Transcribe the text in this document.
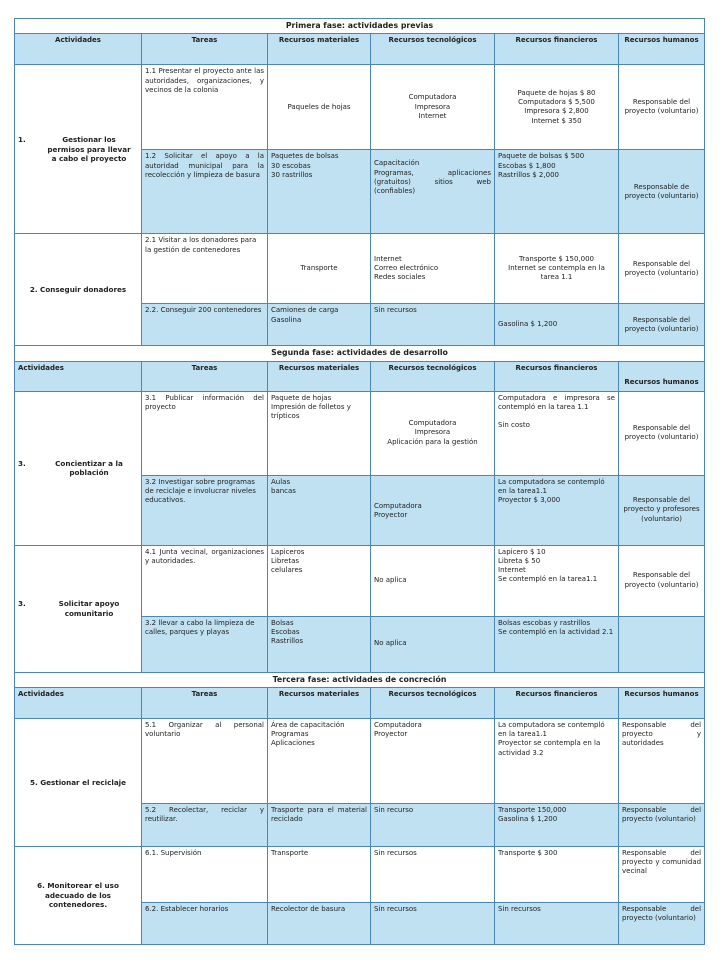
Primera fase: actividades previas					
Actividades	Tareas	Recursos materiales	Recursos tecnológicos	Recursos financieros	Recursos humanos
1. Gestionar los permisos para llevar a cabo el proyecto	1.1 Presentar el proyecto ante las autoridades, organizaciones, y vecinos de la colonia	Paqueles de hojas	Computadora
Impresora
Internet	Paquete de hojas $ 80
Computadora $ 5,500
Impresora $ 2,800
Internet $ 350	Responsable del proyecto (voluntario)
	1.2 Solicitar el apoyo a la autoridad municipal para la recolección y limpieza de basura	Paquetes de bolsas
30 escobas
30 rastrillos	Capacitación
Programas, aplicaciones (gratuitos) sitios web (confiables)	Paquete de bolsas $ 500
Escobas $ 1,800
Rastrillos $ 2,000	Responsable de proyecto (voluntario)

2. Conseguir donadores	2.1 Visitar a los donadores para la gestión de contenedores	Transporte	Internet
Correo electrónico
Redes sociales	Transporte $ 150,000
Internet se contempla en la tarea 1.1	Responsable del proyecto (voluntario)
	2.2. Conseguir 200 contenedores	Camiones de carga
Gasolina	Sin recursos	Gasolina $ 1,200	Responsable del proyecto (voluntario)
Segunda fase: actividades de desarrollo					
Actividades	Tareas	Recursos materiales	Recursos tecnológicos	Recursos financieros	Recursos humanos
3. Concientizar a la población	3.1 Publicar información del proyecto	Paquete de hojas
Impresión de folletos y trípticos	Computadora
Impresora
Aplicación para la gestión	Computadora e impresora se contempló en la tarea 1.1

Sin costo	Responsable del proyecto (voluntario)
	3.2 Investigar sobre programas de reciclaje e involucrar niveles educativos.	Aulas
bancas	Computadora
Proyector	La computadora se contempló en la tarea1.1
Proyector $ 3,000	Responsable del proyecto y profesores (voluntario)
3. Solicitar apoyo comunitario	4.1 Junta vecinal, organizaciones y autoridades.	Lapiceros
Libretas
celulares	No aplica	Lapicero $ 10
Libreta $ 50
Internet
Se contempló en la tarea1.1	Responsable del proyecto (voluntario)
	3.2 llevar a cabo la limpieza de calles, parques y playas	Bolsas
Escobas
Rastrillos	No aplica	Bolsas escobas y rastrillos
Se contempló en la actividad 2.1	
Tercera fase: actividades de concreción					
Actividades	Tareas	Recursos materiales	Recursos tecnológicos	Recursos financieros	Recursos humanos

5. Gestionar el reciclaje	5.1 Organizar al personal voluntario	Área de capacitación
Programas
Aplicaciones	Computadora
Proyector	La computadora se contempló en la tarea1.1
Proyector se contempla en la actividad 3.2	Responsable del proyecto y autoridades
	5.2 Recolectar, reciclar y reutilizar.	Trasporte para el material reciclado	Sin recurso	Transporte 150,000
Gasolina $ 1,200	Responsable del proyecto (voluntario)

6. Monitorear el uso adecuado de los contenedores.	6.1. Supervisión	Transporte	Sin recursos	Transporte $ 300	Responsable del proyecto y comunidad vecinal
	6.2. Establecer horarios	Recolector de basura	Sin recursos	Sin recursos	Responsable del proyecto (voluntario)
